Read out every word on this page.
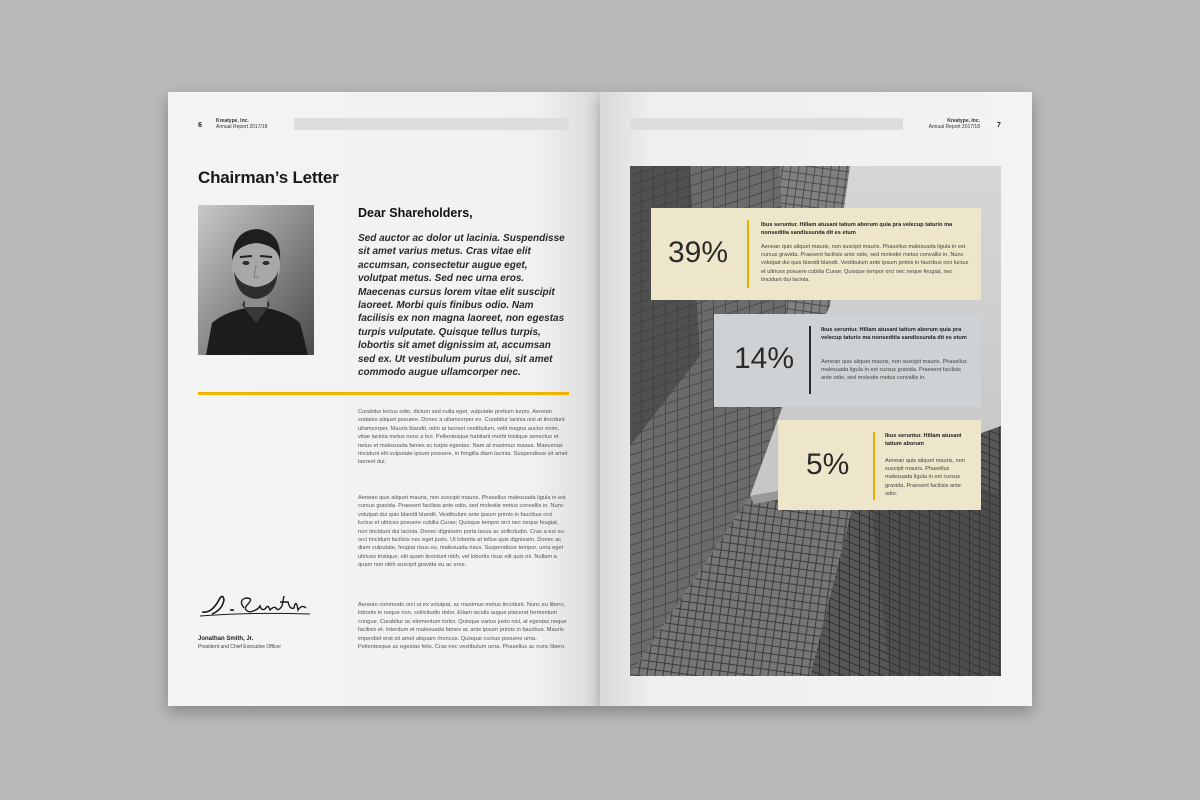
6
Kreatype, Inc.
Annual Report 2017/18
Chairman’s Letter
Dear Shareholders,
Sed auctor ac dolor ut lacinia. Suspendisse sit amet varius metus. Cras vitae elit accumsan, consectetur augue eget, volutpat metus. Sed nec urna eros. Maecenas cursus lorem vitae elit suscipit laoreet. Morbi quis finibus odio. Nam facilisis ex non magna laoreet, non egestas turpis vulputate. Quisque tellus turpis, lobortis sit amet dignissim at, accumsan sed ex. Ut vestibulum purus dui, sit amet commodo augue ullamcorper nec.
Curabitur lectus odio, dictum sed nulla eget, vulputate pretium turpis. Aenean sodales aliquet posuere. Donec a ullamcorper ex. Curabitur lacinia nisl at tincidunt ullamcorper. Mauris blandit, odio at laoreet vestibulum, velit magna auctor enim, vitae lacinia metus nunc a leo. Pellentesque habitant morbi tristique senectus et netus et malesuada fames ac turpis egestas. Nam at maximus massa. Maecenas tincidunt elit vulputate ipsum posuere, in fringilla diam lacinia. Suspendisse sit amet laoreet dui.
Aenean quis aliquet mauris, non suscipit mauris. Phasellus malesuada ligula in est cursus gravida. Praesent facilisis ante odio, sed molestie metus convallis in. Nunc volutpat dui quis blandit blandit. Vestibulum ante ipsum primis in faucibus orci luctus et ultrices posuere cubilia Curae; Quisque tempor orci nec neque feugiat, non tincidunt dui lacinia. Donec dignissim porta lacus ac sollicitudin. Cras a est eu orci tincidunt facilisis nec eget justo. Ut lobortis at tellus quis dignissim. Donec ac diam vulputate, feugiat risus eu, malesuada risus. Suspendisse tempor, urna eget ultrices tristique, elit quam tincidunt nibh, vel lobortis risus elit quis mi. Nullam a quam non nibh suscipit gravida eu ac eros.
Aenean commodo orci ut ex volutpat, ac maximus metus tincidunt. Nunc eu libero, lobortis in neque non, sollicitudin dolor. Etiam iaculis augue placerat fermentum congue. Curabitur ac elementum tortor. Quisque varius justo nisl, at egestas neque facilisis et. Interdum et malesuada fames ac ante ipsum primis in faucibus. Mauris imperdiet erat sit amet aliquam rhoncus. Quisque cursus posuere urna. Pellentesque ac egestas felis. Cras nec vestibulum urna. Phasellus ac nunc libero.
Jonathan Smith, Jr.
President and Chief Executive Officer
Kreatype, Inc.
Annual Report 2017/18 7
39%
Ibus seruntur. Hillam atusani tatium aborum quia pra velecup taturio ma nonseditia sandissunda dit es etum
Aenean quis aliquet mauris, non suscipit mauris. Phasellus malesuada ligula in est cursus gravida. Praesent facilisis ante odio, sed molestie metus convallis in. Nunc volutpat dui quis blandit blandit. Vestibulum ante ipsum primis in faucibus orci luctus et ultrices posuere cubilia Curae; Quisque tempor orci nec neque feugiat, nec tincidunt dui lacinia.
14%
Ibus seruntur. Hillam atusani tatium aborum quia pra velecup taturio ma nonseditia sandissunda dit es etum
Aenean quis aliquet mauris, non suscipit mauris. Phasellus malesuada ligula in est cursus gravida. Praesent facilisis ante odio, sed molestie metus convallis in.
5%
Ibus seruntur. Hillam atusani tatium aborum
Aenean quis aliquet mauris, non suscipit mauris. Phasellus malesuada ligula in est cursus gravida. Praesent facilisis ante odio.
